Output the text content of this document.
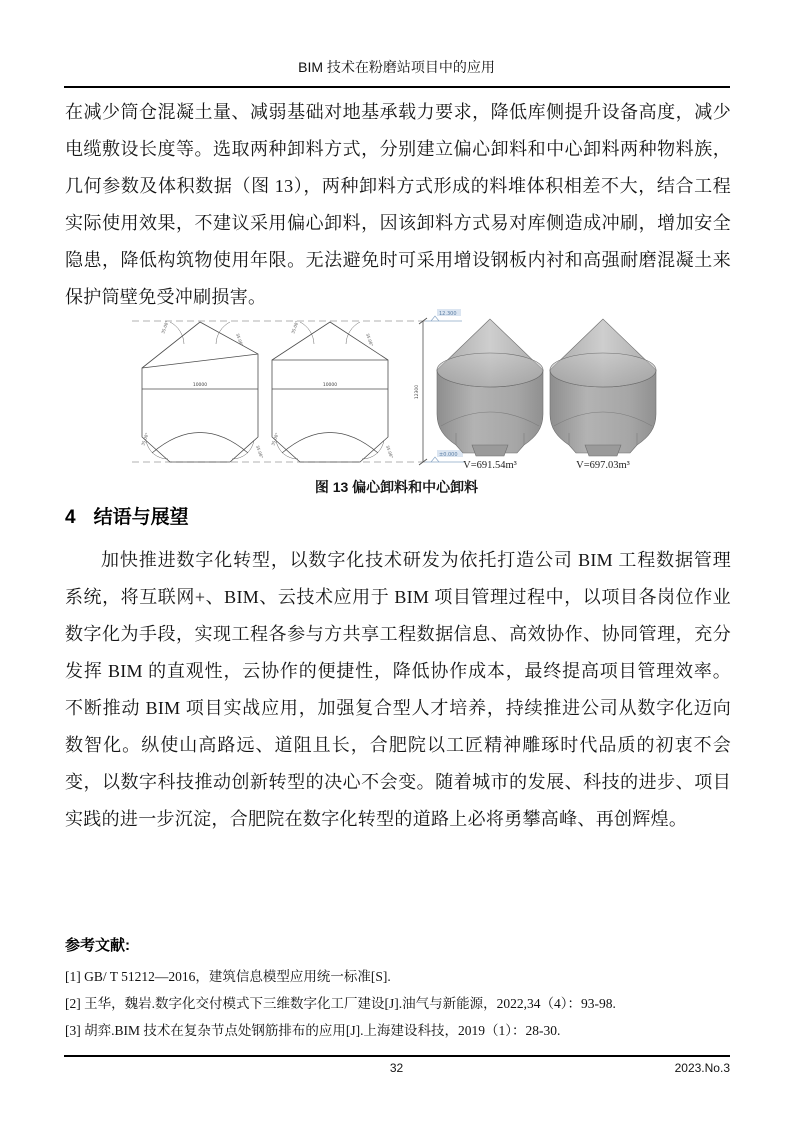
BIM 技术在粉磨站项目中的应用
在减少筒仓混凝土量、减弱基础对地基承载力要求，降低库侧提升设备高度，减少电缆敷设长度等。选取两种卸料方式，分别建立偏心卸料和中心卸料两种物料族，几何参数及体积数据（图 13），两种卸料方式形成的料堆体积相差不大，结合工程实际使用效果，不建议采用偏心卸料，因该卸料方式易对库侧造成冲刷，增加安全隐患，降低构筑物使用年限。无法避免时可采用增设钢板内衬和高强耐磨混凝土来保护筒壁免受冲刷损害。
10000
35.08°
35.08°
35.08°
35.08°
10000
35.08°
35.08°
35.08°
35.08°
12300
12.300
±0.000
V=691.54m³	V=697.03m³
图 13 偏心卸料和中心卸料
4 结语与展望
加快推进数字化转型，以数字化技术研发为依托打造公司 BIM 工程数据管理系统，将互联网+、BIM、云技术应用于 BIM 项目管理过程中，以项目各岗位作业数字化为手段，实现工程各参与方共享工程数据信息、高效协作、协同管理，充分发挥 BIM 的直观性，云协作的便捷性，降低协作成本，最终提高项目管理效率。不断推动 BIM 项目实战应用，加强复合型人才培养，持续推进公司从数字化迈向数智化。纵使山高路远、道阻且长，合肥院以工匠精神雕琢时代品质的初衷不会变，以数字科技推动创新转型的决心不会变。随着城市的发展、科技的进步、项目实践的进一步沉淀，合肥院在数字化转型的道路上必将勇攀高峰、再创辉煌。
参考文献:
[1] GB/ T 51212—2016，建筑信息模型应用统一标准[S].
[2] 王华，魏岩.数字化交付模式下三维数字化工厂建设[J].油气与新能源，2022,34（4）：93-98.
[3] 胡弈.BIM 技术在复杂节点处钢筋排布的应用[J].上海建设科技，2019（1）：28-30.
32	2023.No.3
